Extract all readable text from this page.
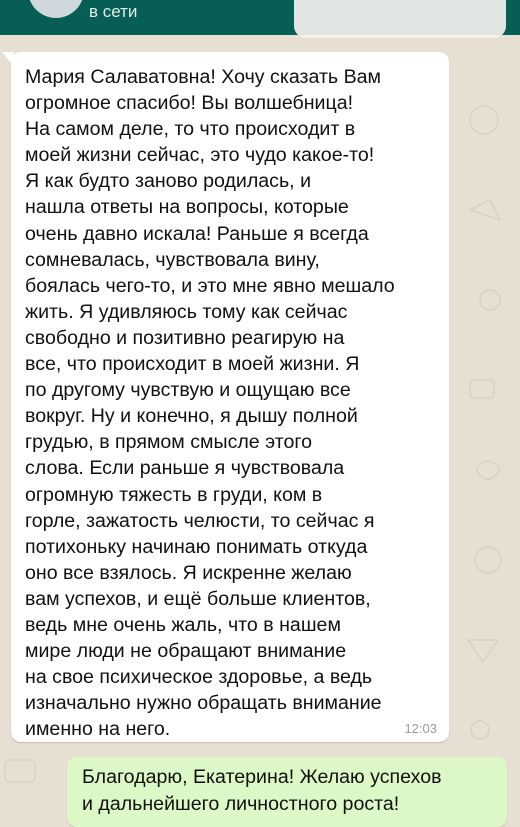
в сети
Мария Салаватовна! Хочу сказать Вам
огромное спасибо! Вы волшебница!
На самом деле, то что происходит в
моей жизни сейчас, это чудо какое-то!
Я как будто заново родилась, и
нашла ответы на вопросы, которые
очень давно искала! Раньше я всегда
сомневалась, чувствовала вину,
боялась чего-то, и это мне явно мешало
жить. Я удивляюсь тому как сейчас
свободно и позитивно реагирую на
все, что происходит в моей жизни. Я
по другому чувствую и ощущаю все
вокруг. Ну и конечно, я дышу полной
грудью, в прямом смысле этого
слова. Если раньше я чувствовала
огромную тяжесть в груди, ком в
горле, зажатость челюсти, то сейчас я
потихоньку начинаю понимать откуда
оно все взялось. Я искренне желаю
вам успехов, и ещё больше клиентов,
ведь мне очень жаль, что в нашем
мире люди не обращают внимание
на свое психическое здоровье, а ведь
изначально нужно обращать внимание
именно на него.	12:03
Благодарю, Екатерина! Желаю успехов
и дальнейшего личностного роста!
